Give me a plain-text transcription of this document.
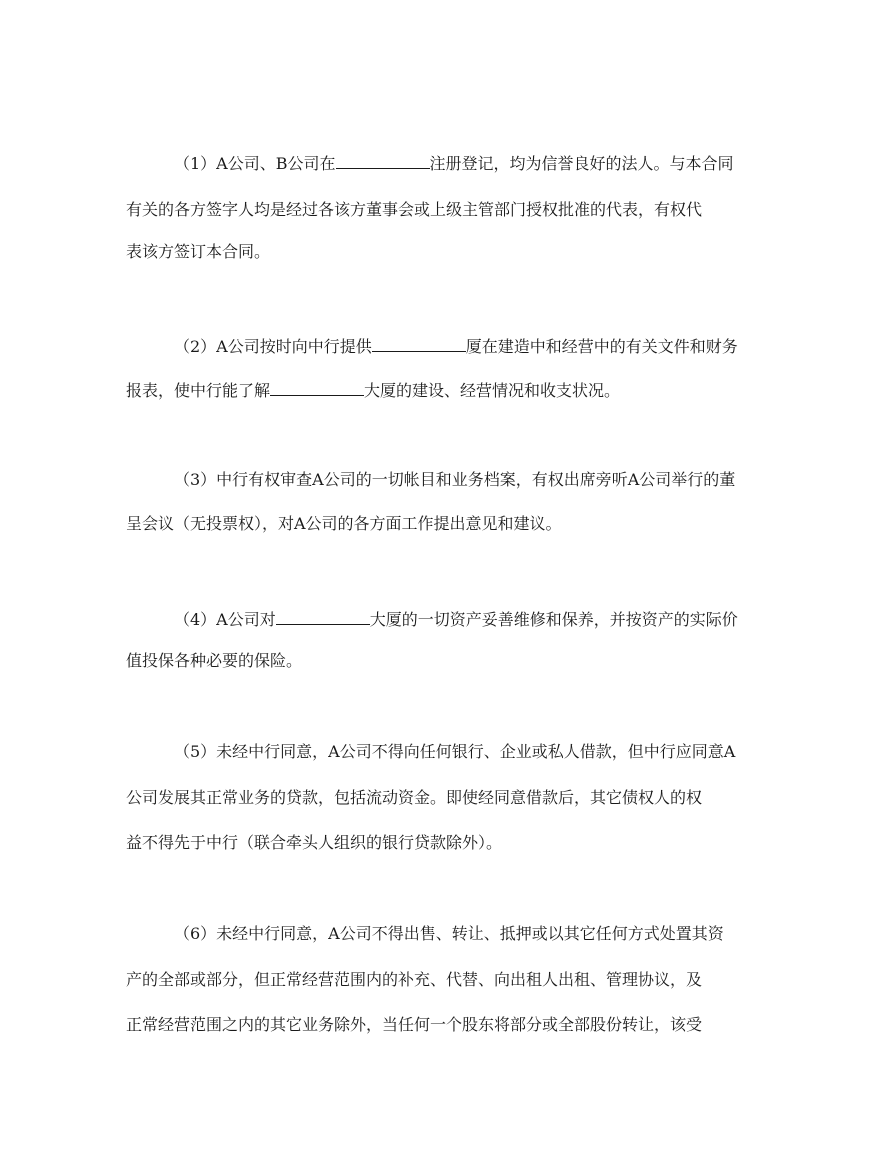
（1）A公司、B公司在	注册登记，均为信誉良好的法人。与本合同
有关的各方签字人均是经过各该方董事会或上级主管部门授权批准的代表，有权代
表该方签订本合同。
（2）A公司按时向中行提供	厦在建造中和经营中的有关文件和财务
报表，使中行能了解	大厦的建设、经营情况和收支状况。
（3）中行有权审查A公司的一切帐目和业务档案，有权出席旁听A公司举行的董
呈会议（无投票权），对A公司的各方面工作提出意见和建议。
（4）A公司对	大厦的一切资产妥善维修和保养，并按资产的实际价
值投保各种必要的保险。
（5）未经中行同意，A公司不得向任何银行、企业或私人借款，但中行应同意A
公司发展其正常业务的贷款，包括流动资金。即使经同意借款后，其它债权人的权
益不得先于中行（联合牵头人组织的银行贷款除外）。
（6）未经中行同意，A公司不得出售、转让、抵押或以其它任何方式处置其资
产的全部或部分，但正常经营范围内的补充、代替、向出租人出租、管理协议，及
正常经营范围之内的其它业务除外，当任何一个股东将部分或全部股份转让，该受
